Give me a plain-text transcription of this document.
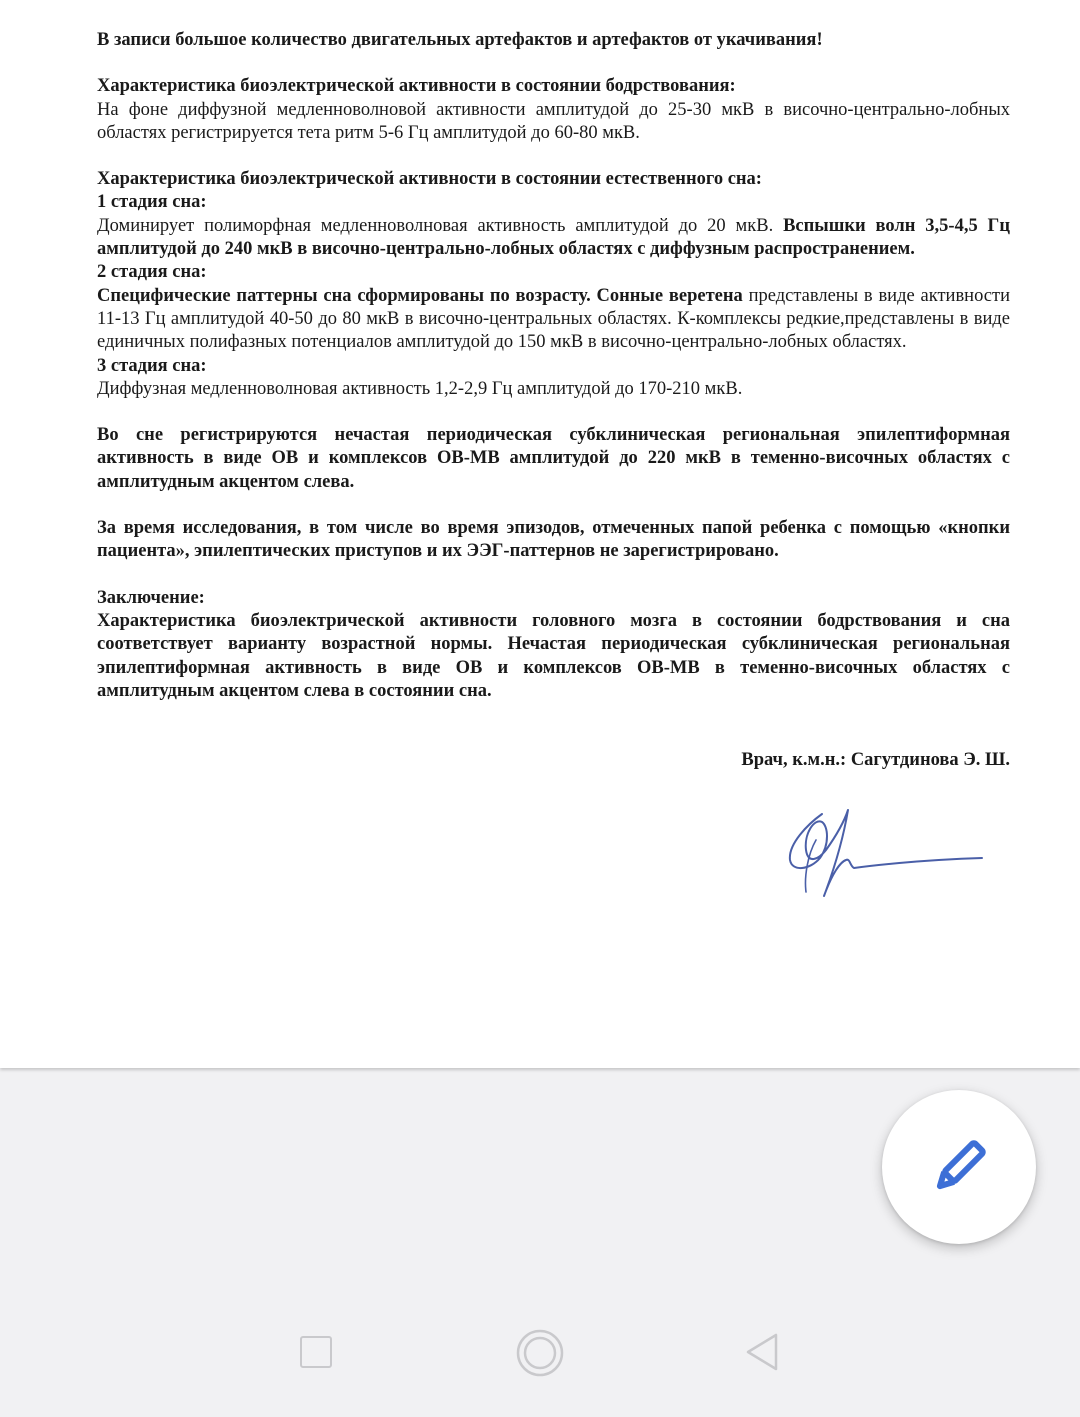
В записи большое количество двигательных артефактов и артефактов от укачивания!

Характеристика биоэлектрической активности в состоянии бодрствования:

На фоне диффузной медленноволновой активности амплитудой до 25-30 мкВ в височно-центрально-лобных областях регистрируется тета ритм 5-6 Гц амплитудой до 60-80 мкВ.

Характеристика биоэлектрической активности в состоянии естественного сна:

1 стадия сна:

Доминирует полиморфная медленноволновая активность амплитудой до 20 мкВ. Вспышки волн 3,5-4,5 Гц амплитудой до 240 мкВ в височно-центрально-лобных областях с диффузным распространением.

2 стадия сна:

Специфические паттерны сна сформированы по возрасту. Сонные веретена представлены в виде активности 11-13 Гц амплитудой 40-50 до 80 мкВ в височно-центральных областях. К-комплексы редкие,представлены в виде единичных полифазных потенциалов амплитудой до 150 мкВ в височно-центрально-лобных областях.

3 стадия сна:

Диффузная медленноволновая активность 1,2-2,9 Гц амплитудой до 170-210 мкВ.

Во сне регистрируются нечастая периодическая субклиническая региональная эпилептиформная активность в виде ОВ и комплексов ОВ-МВ амплитудой до 220 мкВ в теменно-височных областях с амплитудным акцентом слева.

За время исследования, в том числе во время эпизодов, отмеченных папой ребенка с помощью «кнопки пациента», эпилептических приступов и их ЭЭГ-паттернов не зарегистрировано.

Заключение:

Характеристика биоэлектрической активности головного мозга в состоянии бодрствования и сна соответствует варианту возрастной нормы. Нечастая периодическая субклиническая региональная эпилептиформная активность в виде ОВ и комплексов ОВ-МВ в теменно-височных областях с амплитудным акцентом слева в состоянии сна.

Врач, к.м.н.: Сагутдинова Э. Ш.
